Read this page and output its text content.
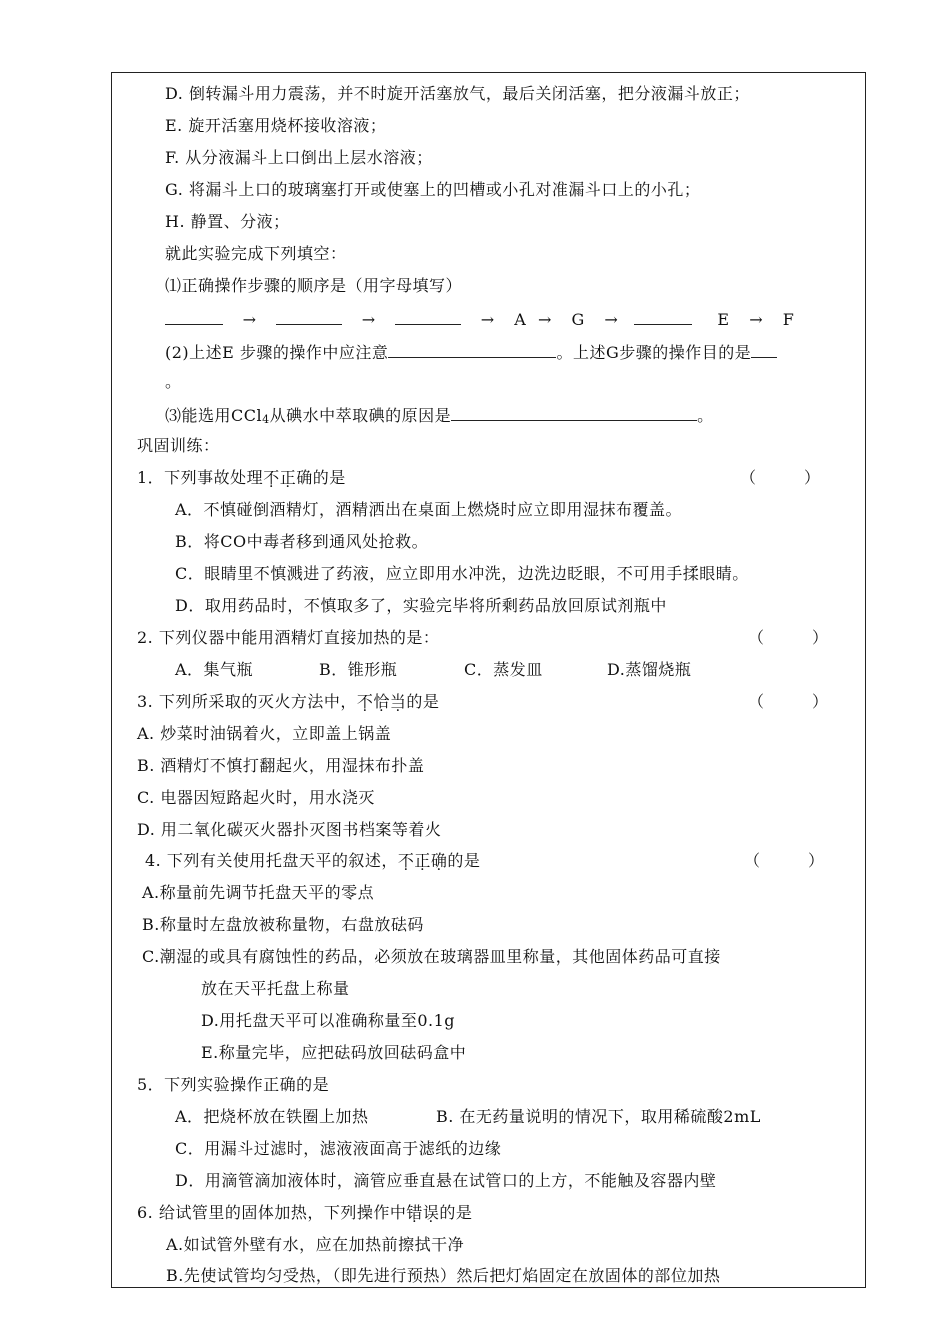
D. 倒转漏斗用力震荡，并不时旋开活塞放气，最后关闭活塞，把分液漏斗放正；
E. 旋开活塞用烧杯接收溶液；
F. 从分液漏斗上口倒出上层水溶液；
G. 将漏斗上口的玻璃塞打开或使塞上的凹槽或小孔对准漏斗口上的小孔；
H. 静置、分液；
就此实验完成下列填空：
⑴正确操作步骤的顺序是（用字母填写）
→	→	→ A → G →	E → F
(2)上述E 步骤的操作中应注意	。上述G步骤的操作目的是
。
⑶能选用CCl$_4$从碘水中萃取碘的原因是	。
巩固训练：
1．下列事故处理不正确的是	（　　　）
A．不慎碰倒酒精灯，酒精洒出在桌面上燃烧时应立即用湿抹布覆盖。
B．将CO中毒者移到通风处抢救。
C．眼睛里不慎溅进了药液，应立即用水冲洗，边洗边眨眼，不可用手揉眼睛。
D．取用药品时，不慎取多了，实验完毕将所剩药品放回原试剂瓶中
2. 下列仪器中能用酒精灯直接加热的是：	（　　　）
A．集气瓶	B．锥形瓶	C．蒸发皿	D.蒸馏烧瓶
3. 下列所采取的灭火方法中，不恰当的是	（　　　）
A. 炒菜时油锅着火，立即盖上锅盖
B. 酒精灯不慎打翻起火，用湿抹布扑盖
C. 电器因短路起火时，用水浇灭
D. 用二氧化碳灭火器扑灭图书档案等着火
4. 下列有关使用托盘天平的叙述，不正确的是	（　　　）
A.称量前先调节托盘天平的零点
B.称量时左盘放被称量物，右盘放砝码
C.潮湿的或具有腐蚀性的药品，必须放在玻璃器皿里称量，其他固体药品可直接
放在天平托盘上称量
D.用托盘天平可以准确称量至0.1g
E.称量完毕，应把砝码放回砝码盒中
5．下列实验操作正确的是
A．把烧杯放在铁圈上加热	B. 在无药量说明的情况下，取用稀硫酸2mL
C．用漏斗过滤时，滤液液面高于滤纸的边缘
D．用滴管滴加液体时，滴管应垂直悬在试管口的上方，不能触及容器内壁
6. 给试管里的固体加热，下列操作中错误的是
A.如试管外壁有水，应在加热前擦拭干净
B.先使试管均匀受热，（即先进行预热）然后把灯焰固定在放固体的部位加热
